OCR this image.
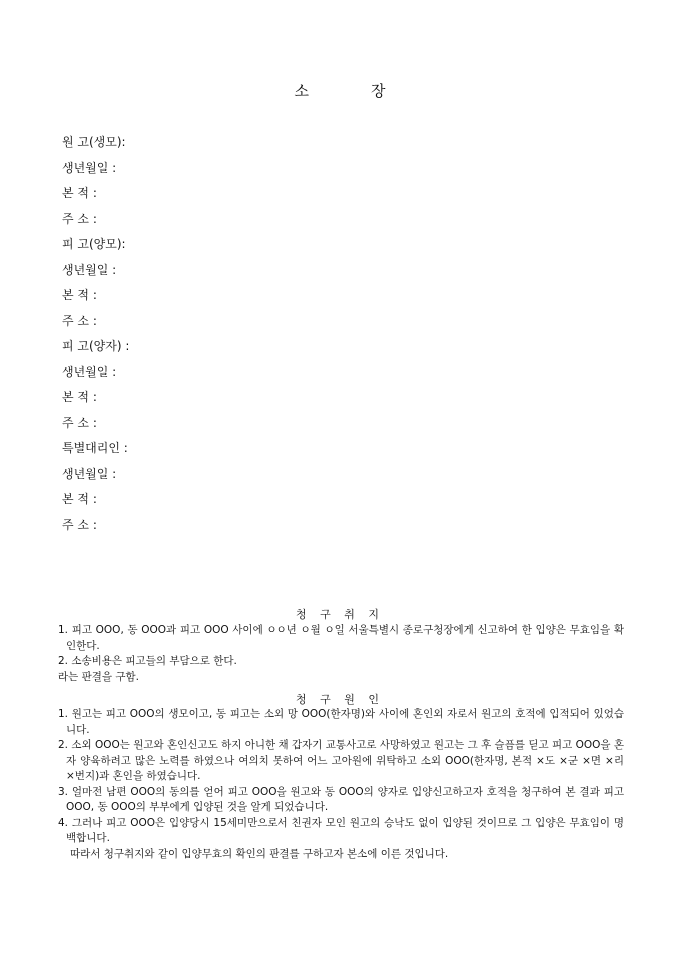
소	장
원 고(생모):
생년월일 :
본 적 :
주 소 :
피 고(양모):
생년월일 :
본 적 :
주 소 :
피 고(양자) :
생년월일 :
본 적 :
주 소 :
특별대리인 :
생년월일 :
본 적 :
주 소 :
청 구 취 지

1. 피고 OOO, 동 OOO과 피고 OOO 사이에 ㅇㅇ년 ㅇ월 ㅇ일 서울특별시 종로구청장에게 신고하여 한 입양은 무효임을 확인한다.

2. 소송비용은 피고들의 부담으로 한다.

라는 판결을 구함.

청 구 원 인

1. 원고는 피고 OOO의 생모이고, 동 피고는 소외 망 OOO(한자명)와 사이에 혼인외 자로서 원고의 호적에 입적되어 있었습니다.

2. 소외 OOO는 원고와 혼인신고도 하지 아니한 채 갑자기 교통사고로 사망하였고 원고는 그 후 슬픔를 딛고 피고 OOO을 혼자 양육하려고 많은 노력를 하였으나 여의치 못하여 어느 고아원에 위탁하고 소외 OOO(한자명, 본적 ×도 ×군 ×면 ×리 ×번지)과 혼인을 하였습니다.

3. 얼마전 남편 OOO의 동의를 얻어 피고 OOO을 원고와 동 OOO의 양자로 입양신고하고자 호적을 청구하여 본 결과 피고 OOO, 동 OOO의 부부에게 입양된 것을 알게 되었습니다.

4. 그러나 피고 OOO은 입양당시 15세미만으로서 친권자 모인 원고의 승낙도 없이 입양된 것이므로 그 입양은 무효임이 명백합니다.

따라서 청구취지와 같이 입양무효의 확인의 판결를 구하고자 본소에 이른 것입니다.
